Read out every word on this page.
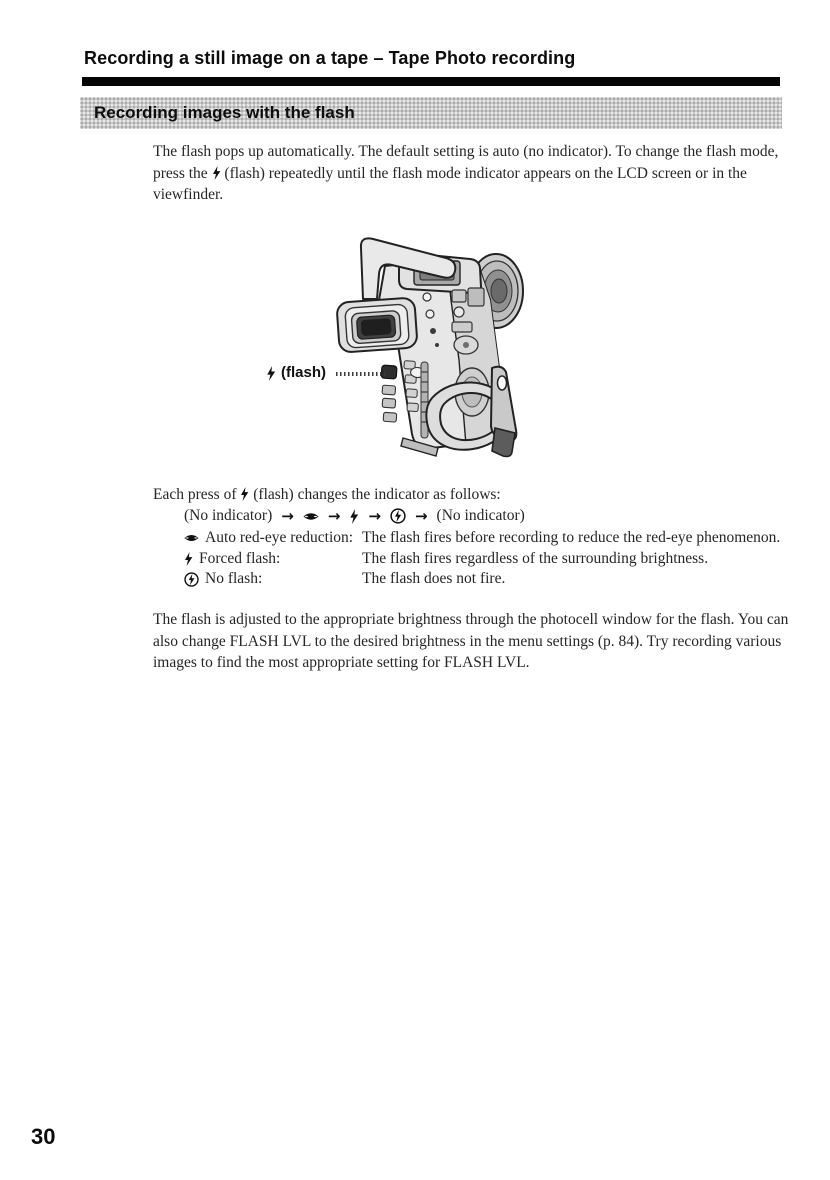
Recording a still image on a tape – Tape Photo recording
Recording images with the flash

The flash pops up automatically. The default setting is auto (no indicator). To change the flash mode, press the (flash) repeatedly until the flash mode indicator appears on the LCD screen or in the viewfinder.

(flash)

Each press of (flash) changes the indicator as follows:

(No indicator) → → → → (No indicator)
Auto red-eye reduction: The flash fires before recording to reduce the red-eye phenomenon.
Forced flash:	The flash fires regardless of the surrounding brightness.
No flash:	The flash does not fire.

The flash is adjusted to the appropriate brightness through the photocell window for the flash. You can also change FLASH LVL to the desired brightness in the menu settings (p. 84). Try recording various images to find the most appropriate setting for FLASH LVL.

30
